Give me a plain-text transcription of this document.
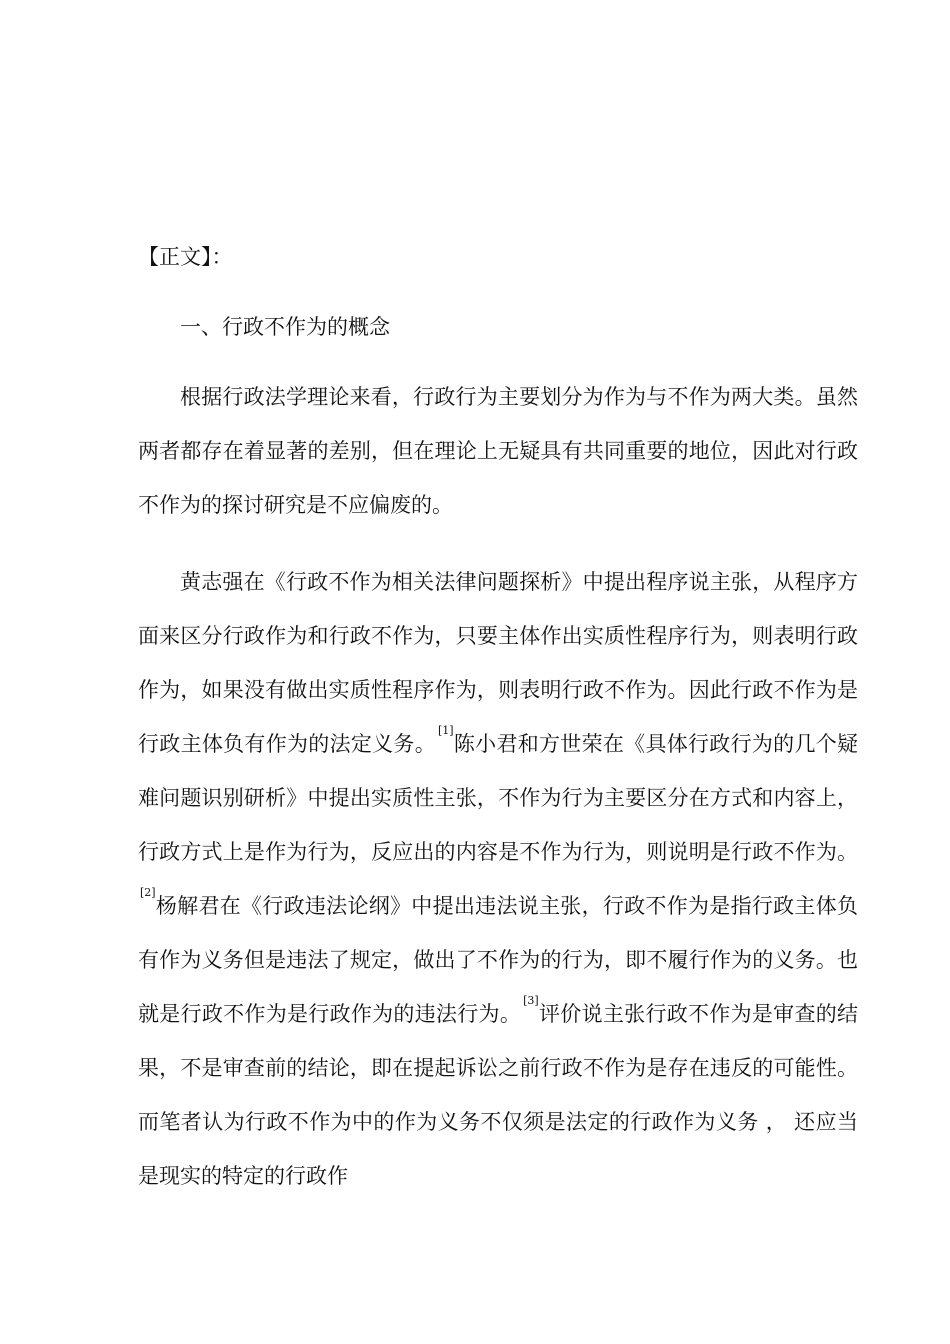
【正文】：
一、行政不作为的概念

根据行政法学理论来看，行政行为主要划分为作为与不作为两大类。虽然两者都存在着显著的差别，但在理论上无疑具有共同重要的地位，因此对行政不作为的探讨研究是不应偏废的。

黄志强在《行政不作为相关法律问题探析》中提出程序说主张，从程序方面来区分行政作为和行政不作为，只要主体作出实质性程序行为，则表明行政作为，如果没有做出实质性程序作为，则表明行政不作为。因此行政不作为是行政主体负有作为的法定义务。[1]陈小君和方世荣在《具体行政行为的几个疑难问题识别研析》中提出实质性主张，不作为行为主要区分在方式和内容上，行政方式上是作为行为，反应出的内容是不作为行为，则说明是行政不作为。[2]杨解君在《行政违法论纲》中提出违法说主张，行政不作为是指行政主体负有作为义务但是违法了规定，做出了不作为的行为，即不履行作为的义务。也就是行政不作为是行政作为的违法行为。[3]评价说主张行政不作为是审查的结果，不是审查前的结论，即在提起诉讼之前行政不作为是存在违反的可能性。而笔者认为行政不作为中的作为义务不仅须是法定的行政作为义务 ， 还应当是现实的特定的行政作
